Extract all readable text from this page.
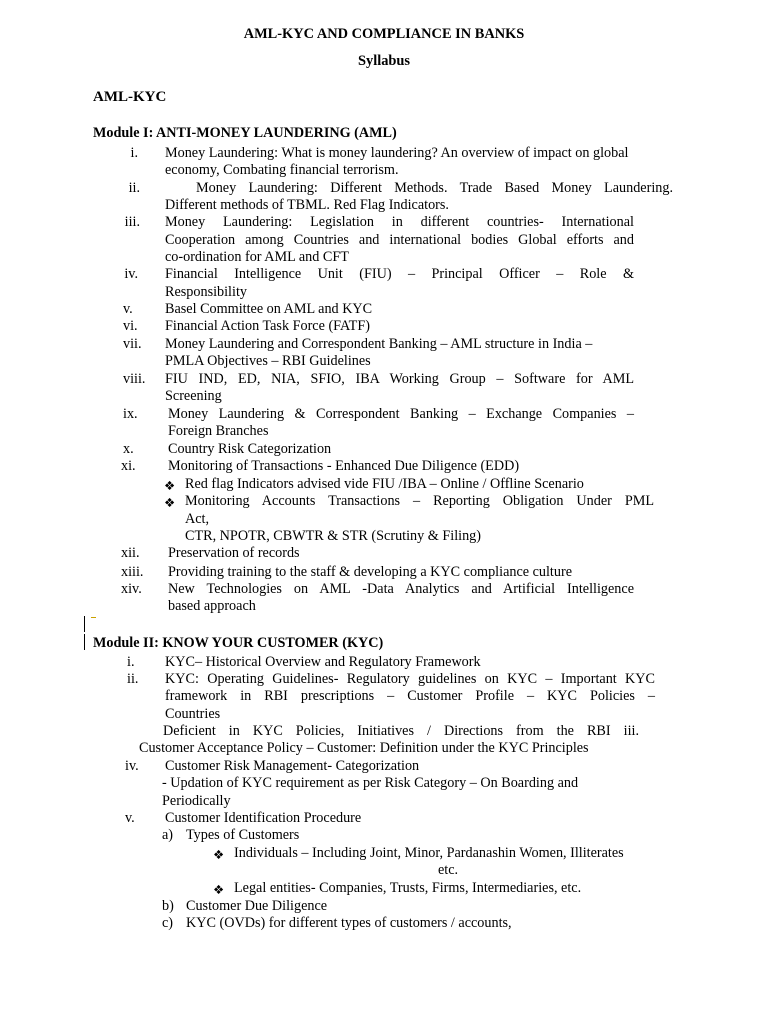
AML-KYC AND COMPLIANCE IN BANKS
Syllabus
AML-KYC
Module I: ANTI-MONEY LAUNDERING (AML)
i. Money Laundering: What is money laundering? An overview of impact on global
economy, Combating financial terrorism.
ii.	Money Laundering: Different Methods. Trade Based Money Laundering.
Different methods of TBML. Red Flag Indicators.
iii. Money Laundering: Legislation in different countries- International
Cooperation among Countries and international bodies Global efforts and
co-ordination for AML and CFT
iv. Financial Intelligence Unit (FIU) – Principal Officer – Role &
Responsibility
v. Basel Committee on AML and KYC
vi. Financial Action Task Force (FATF)
vii. Money Laundering and Correspondent Banking – AML structure in India –
PMLA Objectives – RBI Guidelines
viii. FIU IND, ED, NIA, SFIO, IBA Working Group – Software for AML
Screening
ix. Money Laundering & Correspondent Banking – Exchange Companies –
Foreign Branches
x. Country Risk Categorization
xi. Monitoring of Transactions - Enhanced Due Diligence (EDD)
❖ Red flag Indicators advised vide FIU /IBA – Online / Offline Scenario
❖ Monitoring Accounts Transactions – Reporting Obligation Under PML
Act,
CTR, NPOTR, CBWTR & STR (Scrutiny & Filing)
xii. Preservation of records
xiii. Providing training to the staff & developing a KYC compliance culture
xiv. New Technologies on AML -Data Analytics and Artificial Intelligence
based approach
Module II: KNOW YOUR CUSTOMER (KYC)
i. KYC– Historical Overview and Regulatory Framework
ii. KYC: Operating Guidelines- Regulatory guidelines on KYC – Important KYC
framework in RBI prescriptions – Customer Profile – KYC Policies –
Countries
Deficient in KYC Policies, Initiatives / Directions from the RBI iii.
Customer Acceptance Policy – Customer: Definition under the KYC Principles
iv. Customer Risk Management- Categorization
- Updation of KYC requirement as per Risk Category – On Boarding and
Periodically
v. Customer Identification Procedure
a) Types of Customers
❖ Individuals – Including Joint, Minor, Pardanashin Women, Illiterates
etc.
❖ Legal entities- Companies, Trusts, Firms, Intermediaries, etc.
b) Customer Due Diligence
c) KYC (OVDs) for different types of customers / accounts,
